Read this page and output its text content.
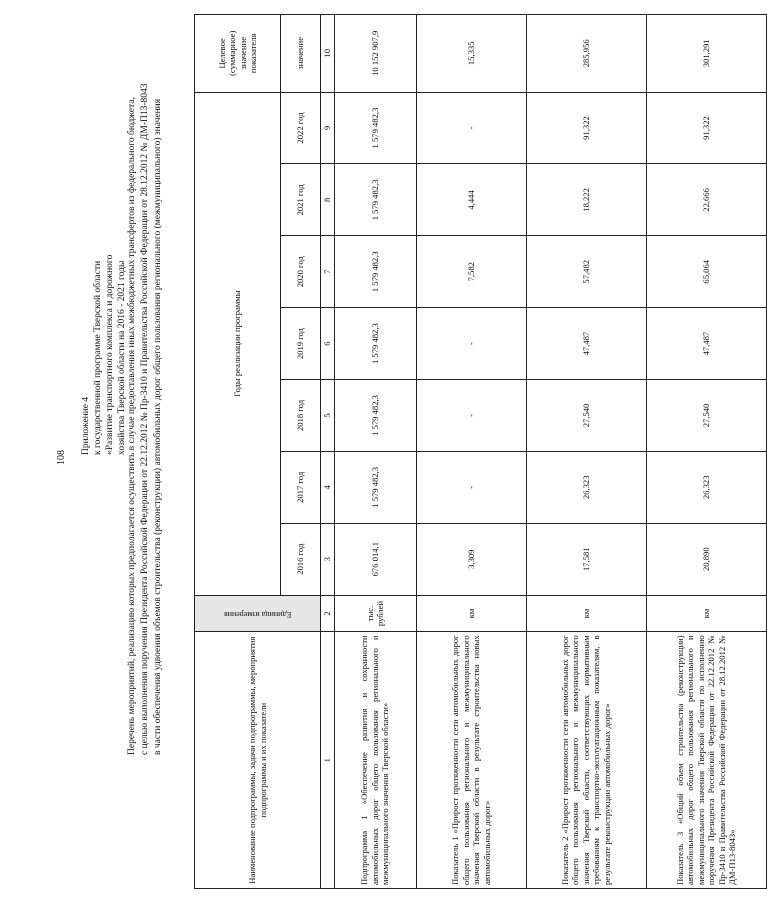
108
Приложение 4 к государственной программе Тверской области «Развитие транспортного комплекса и дорожного хозяйства Тверской области на 2016 - 2021 годы Перечень мероприятий, реализацию которых предполагается осуществить в случае предоставления иных межбюджетных трансфертов из федерального бюджета, с целью выполнения поручения Президента Российской Федерации от 22.12.2012 № Пр-3410 и Правительства Российской Федерации от 28.12.2012 № ДМ-П13-8043 в части обеспечения удвоения объемов строительства (реконструкции) автомобильных дорог общего пользования регионального (межмуниципального) значения
Наименование подпрограммы, задачи подпрограммы, мероприятия подпрограммы и их показатели	Единица измерения	Годы реализации программы							Целевое (суммарное) значение показателя
		2016 год	2017 год	2018 год	2019 год	2020 год	2021 год	2022 год	значение
1	2	3	4	5	6	7	8	9	10
Подпрограмма 1 «Обеспечение развития и сохранности автомобильных дорог общего пользования регионального и межмуниципального значения Тверской области»	тыс. рублей	676 014,1	1 579 482,3	1 579 482,3	1 579 482,3	1 579 482,3	1 579 482,3	1 579 482,3	10 152 907,9
Показатель 1 «Прирост протяженности сети автомобильных дорог общего пользования регионального и межмуниципального значения Тверской области в результате строительства новых автомобильных дорог»	км	3,309	-	-	-	7,582	4,444	-	15,335
Показатель 2 «Прирост протяженности сети автомобильных дорог общего пользования регионального и межмуниципального значения Тверской области, соответствующих нормативным требованиям к транспортно-эксплуатационным показателям, в результате реконструкции автомобильных дорог»	км	17,581	26,323	27,540	47,487	57,482	18,222	91,322	285,956
Показатель 3 «Общий объем строительства (реконструкции) автомобильных дорог общего пользования регионального и межмуниципального значения Тверской области по исполнению поручения Президента Российской Федерации от 22.12.2012 № Пр-3410 и Правительства Российской Федерации от 28.12.2012 № ДМ-П13-8043»	км	20,890	26,323	27,540	47,487	65,064	22,666	91,322	301,291
